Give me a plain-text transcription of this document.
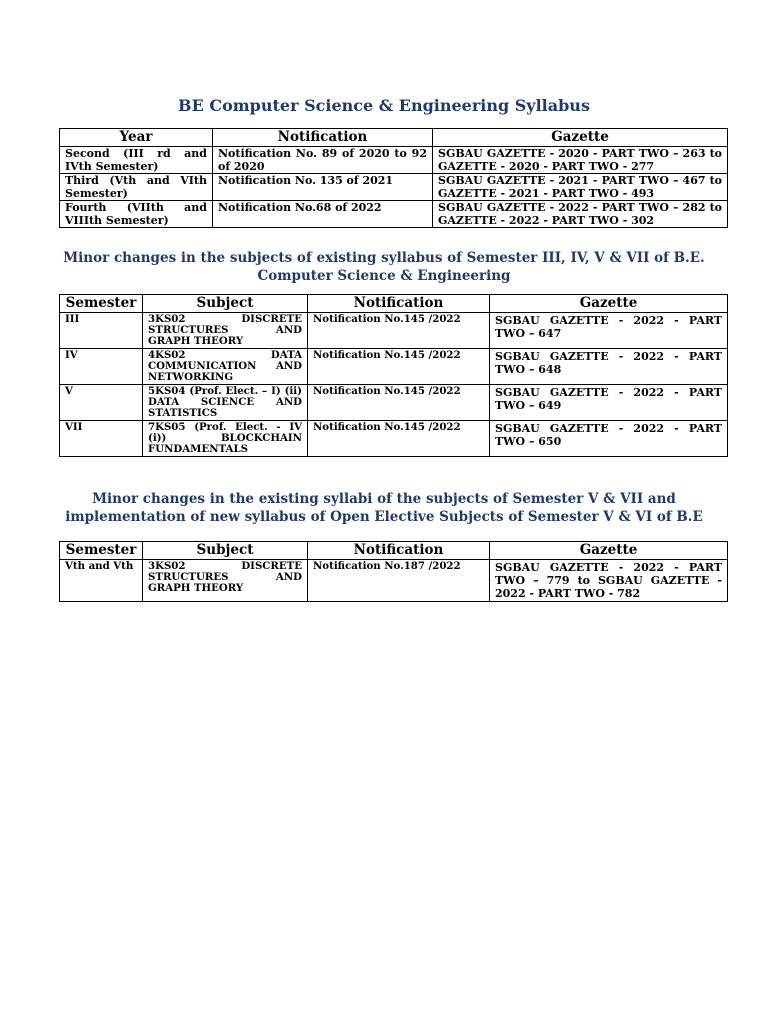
BE Computer Science & Engineering Syllabus
Year	Notification	Gazette
Second (III rd and IVth Semester)	Notification No. 89 of 2020 to 92 of 2020	SGBAU GAZETTE - 2020 - PART TWO – 263 to GAZETTE - 2020 - PART TWO - 277
Third (Vth and VIth Semester)	Notification No. 135 of 2021	SGBAU GAZETTE - 2021 - PART TWO – 467 to GAZETTE - 2021 - PART TWO - 493
Fourth (VIIth and VIIIth Semester)	Notification No.68 of 2022	SGBAU GAZETTE - 2022 - PART TWO – 282 to GAZETTE - 2022 - PART TWO - 302
Minor changes in the subjects of existing syllabus of Semester III, IV, V & VII of B.E.
Computer Science & Engineering
Semester	Subject	Notification	Gazette
III	3KS02 DISCRETE STRUCTURES AND GRAPH THEORY	Notification No.145 /2022	SGBAU GAZETTE - 2022 - PART TWO – 647
IV	4KS02 DATA COMMUNICATION AND NETWORKING	Notification No.145 /2022	SGBAU GAZETTE - 2022 - PART TWO – 648
V	5KS04 (Prof. Elect. – I) (ii) DATA SCIENCE AND STATISTICS	Notification No.145 /2022	SGBAU GAZETTE - 2022 - PART TWO – 649
VII	7KS05 (Prof. Elect. - IV (i)) BLOCKCHAIN FUNDAMENTALS	Notification No.145 /2022	SGBAU GAZETTE - 2022 - PART TWO – 650
Minor changes in the existing syllabi of the subjects of Semester V & VII and
implementation of new syllabus of Open Elective Subjects of Semester V & VI of B.E
Semester	Subject	Notification	Gazette
Vth and Vth	3KS02 DISCRETE STRUCTURES AND GRAPH THEORY	Notification No.187 /2022	SGBAU GAZETTE - 2022 - PART TWO – 779 to SGBAU GAZETTE - 2022 - PART TWO - 782
